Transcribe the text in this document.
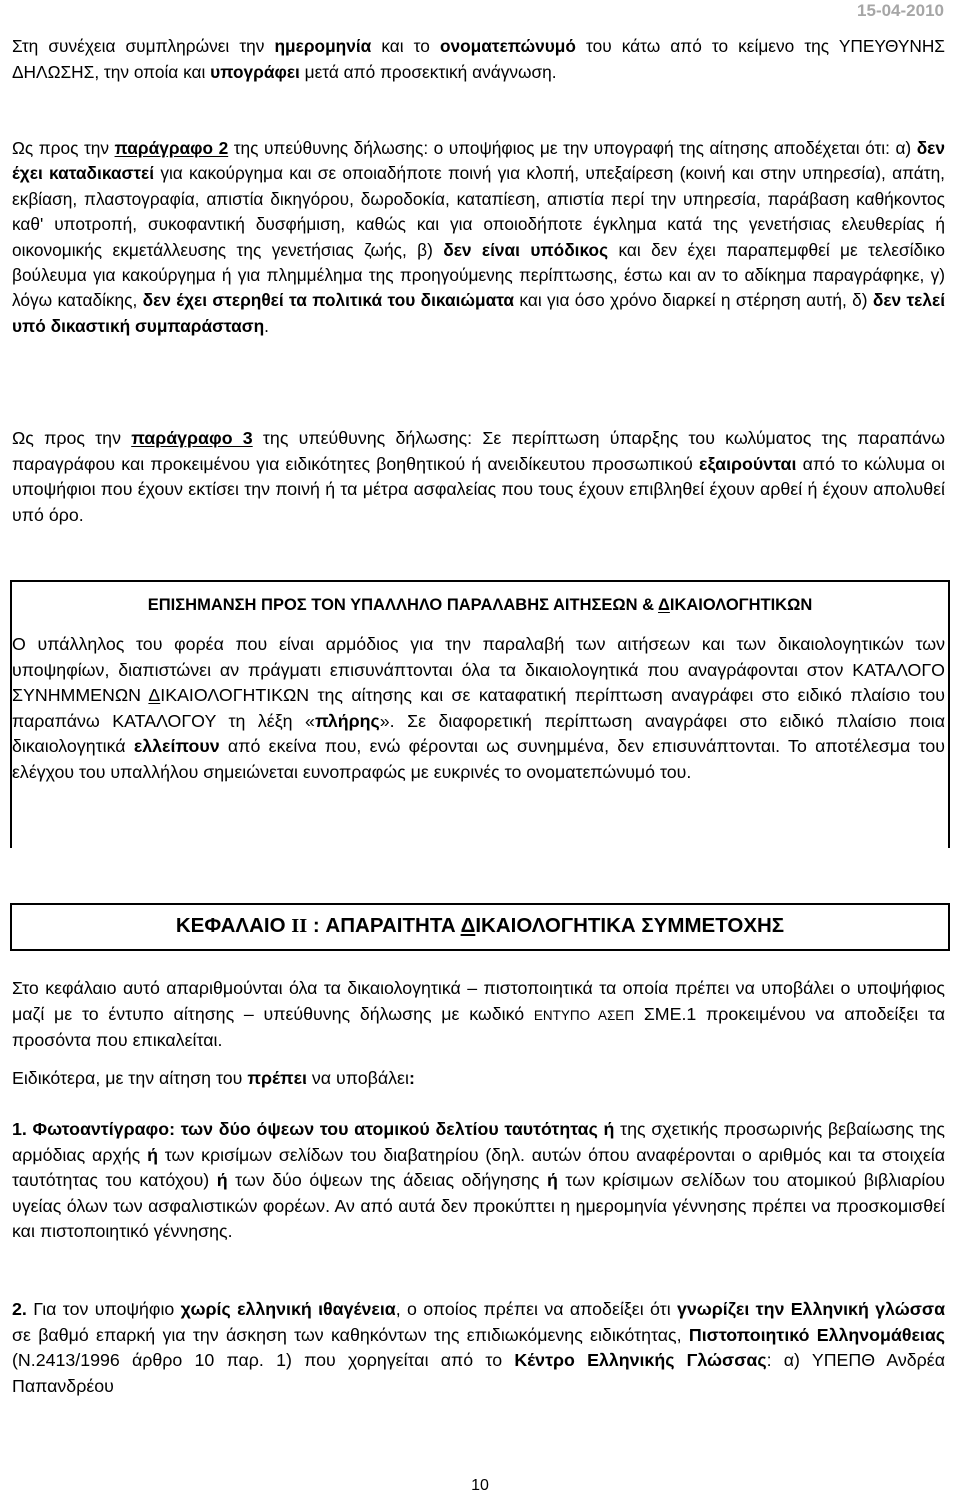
15-04-2010

Στη συνέχεια συμπληρώνει την ημερομηνία και το ονοματεπώνυμό του κάτω από το κείμενο της ΥΠΕΥΘΥΝΗΣ ΔΗΛΩΣΗΣ, την οποία και υπογράφει μετά από προσεκτική ανάγνωση.

Ως προς την παράγραφο 2 της υπεύθυνης δήλωσης: ο υποψήφιος με την υπογραφή της αίτησης αποδέχεται ότι: α) δεν έχει καταδικαστεί για κακούργημα και σε οποιαδήποτε ποινή για κλοπή, υπεξαίρεση (κοινή και στην υπηρεσία), απάτη, εκβίαση, πλαστογραφία, απιστία δικηγόρου, δωροδοκία, καταπίεση, απιστία περί την υπηρεσία, παράβαση καθήκοντος καθ' υποτροπή, συκοφαντική δυσφήμιση, καθώς και για οποιοδήποτε έγκλημα κατά της γενετήσιας ελευθερίας ή οικονομικής εκμετάλλευσης της γενετήσιας ζωής, β) δεν είναι υπόδικος και δεν έχει παραπεμφθεί με τελεσίδικο βούλευμα για κακούργημα ή για πλημμέλημα της προηγούμενης περίπτωσης, έστω και αν το αδίκημα παραγράφηκε, γ) λόγω καταδίκης, δεν έχει στερηθεί τα πολιτικά του δικαιώματα και για όσο χρόνο διαρκεί η στέρηση αυτή, δ) δεν τελεί υπό δικαστική συμπαράσταση.

Ως προς την παράγραφο 3 της υπεύθυνης δήλωσης: Σε περίπτωση ύπαρξης του κωλύματος της παραπάνω παραγράφου και προκειμένου για ειδικότητες βοηθητικού ή ανειδίκευτου προσωπικού εξαιρούνται από το κώλυμα οι υποψήφιοι που έχουν εκτίσει την ποινή ή τα μέτρα ασφαλείας που τους έχουν επιβληθεί έχουν αρθεί ή έχουν απολυθεί υπό όρο.

ΕΠΙΣΗΜΑΝΣΗ ΠΡΟΣ ΤΟΝ ΥΠΑΛΛΗΛΟ ΠΑΡΑΛΑΒΗΣ ΑΙΤΗΣΕΩΝ & ΔΙΚΑΙΟΛΟΓΗΤΙΚΩΝ

Ο υπάλληλος του φορέα που είναι αρμόδιος για την παραλαβή των αιτήσεων και των δικαιολογητικών των υποψηφίων, διαπιστώνει αν πράγματι επισυνάπτονται όλα τα δικαιολογητικά που αναγράφονται στον ΚΑΤΑΛΟΓΟ ΣΥΝΗΜΜΕΝΩΝ ΔΙΚΑΙΟΛΟΓΗΤΙΚΩΝ της αίτησης και σε καταφατική περίπτωση αναγράφει στο ειδικό πλαίσιο του παραπάνω ΚΑΤΑΛΟΓΟΥ τη λέξη «πλήρης». Σε διαφορετική περίπτωση αναγράφει στο ειδικό πλαίσιο ποια δικαιολογητικά ελλείπουν από εκείνα που, ενώ φέρονται ως συνημμένα, δεν επισυνάπτονται. Το αποτέλεσμα του ελέγχου του υπαλλήλου σημειώνεται ευνοπραφώς με ευκρινές το ονοματεπώνυμό του.

ΚΕΦΑΛΑΙΟ II : ΑΠΑΡΑΙΤΗΤΑ ΔΙΚΑΙΟΛΟΓΗΤΙΚΑ ΣΥΜΜΕΤΟΧΗΣ

Στο κεφάλαιο αυτό απαριθμούνται όλα τα δικαιολογητικά – πιστοποιητικά τα οποία πρέπει να υποβάλει ο υποψήφιος μαζί με το έντυπο αίτησης – υπεύθυνης δήλωσης με κωδικό ΕΝΤΥΠΟ ΑΣΕΠ ΣΜΕ.1 προκειμένου να αποδείξει τα προσόντα που επικαλείται.

Ειδικότερα, με την αίτηση του πρέπει να υποβάλει:

1. Φωτοαντίγραφο: των δύο όψεων του ατομικού δελτίου ταυτότητας ή της σχετικής προσωρινής βεβαίωσης της αρμόδιας αρχής ή των κρισίμων σελίδων του διαβατηρίου (δηλ. αυτών όπου αναφέρονται ο αριθμός και τα στοιχεία ταυτότητας του κατόχου) ή των δύο όψεων της άδειας οδήγησης ή των κρίσιμων σελίδων του ατομικού βιβλιαρίου υγείας όλων των ασφαλιστικών φορέων. Αν από αυτά δεν προκύπτει η ημερομηνία γέννησης πρέπει να προσκομισθεί και πιστοποιητικό γέννησης.

2. Για τον υποψήφιο χωρίς ελληνική ιθαγένεια, ο οποίος πρέπει να αποδείξει ότι γνωρίζει την Ελληνική γλώσσα σε βαθμό επαρκή για την άσκηση των καθηκόντων της επιδιωκόμενης ειδικότητας, Πιστοποιητικό Ελληνομάθειας (Ν.2413/1996 άρθρο 10 παρ. 1) που χορηγείται από το Κέντρο Ελληνικής Γλώσσας: α) ΥΠΕΠΘ Ανδρέα Παπανδρέου

10
